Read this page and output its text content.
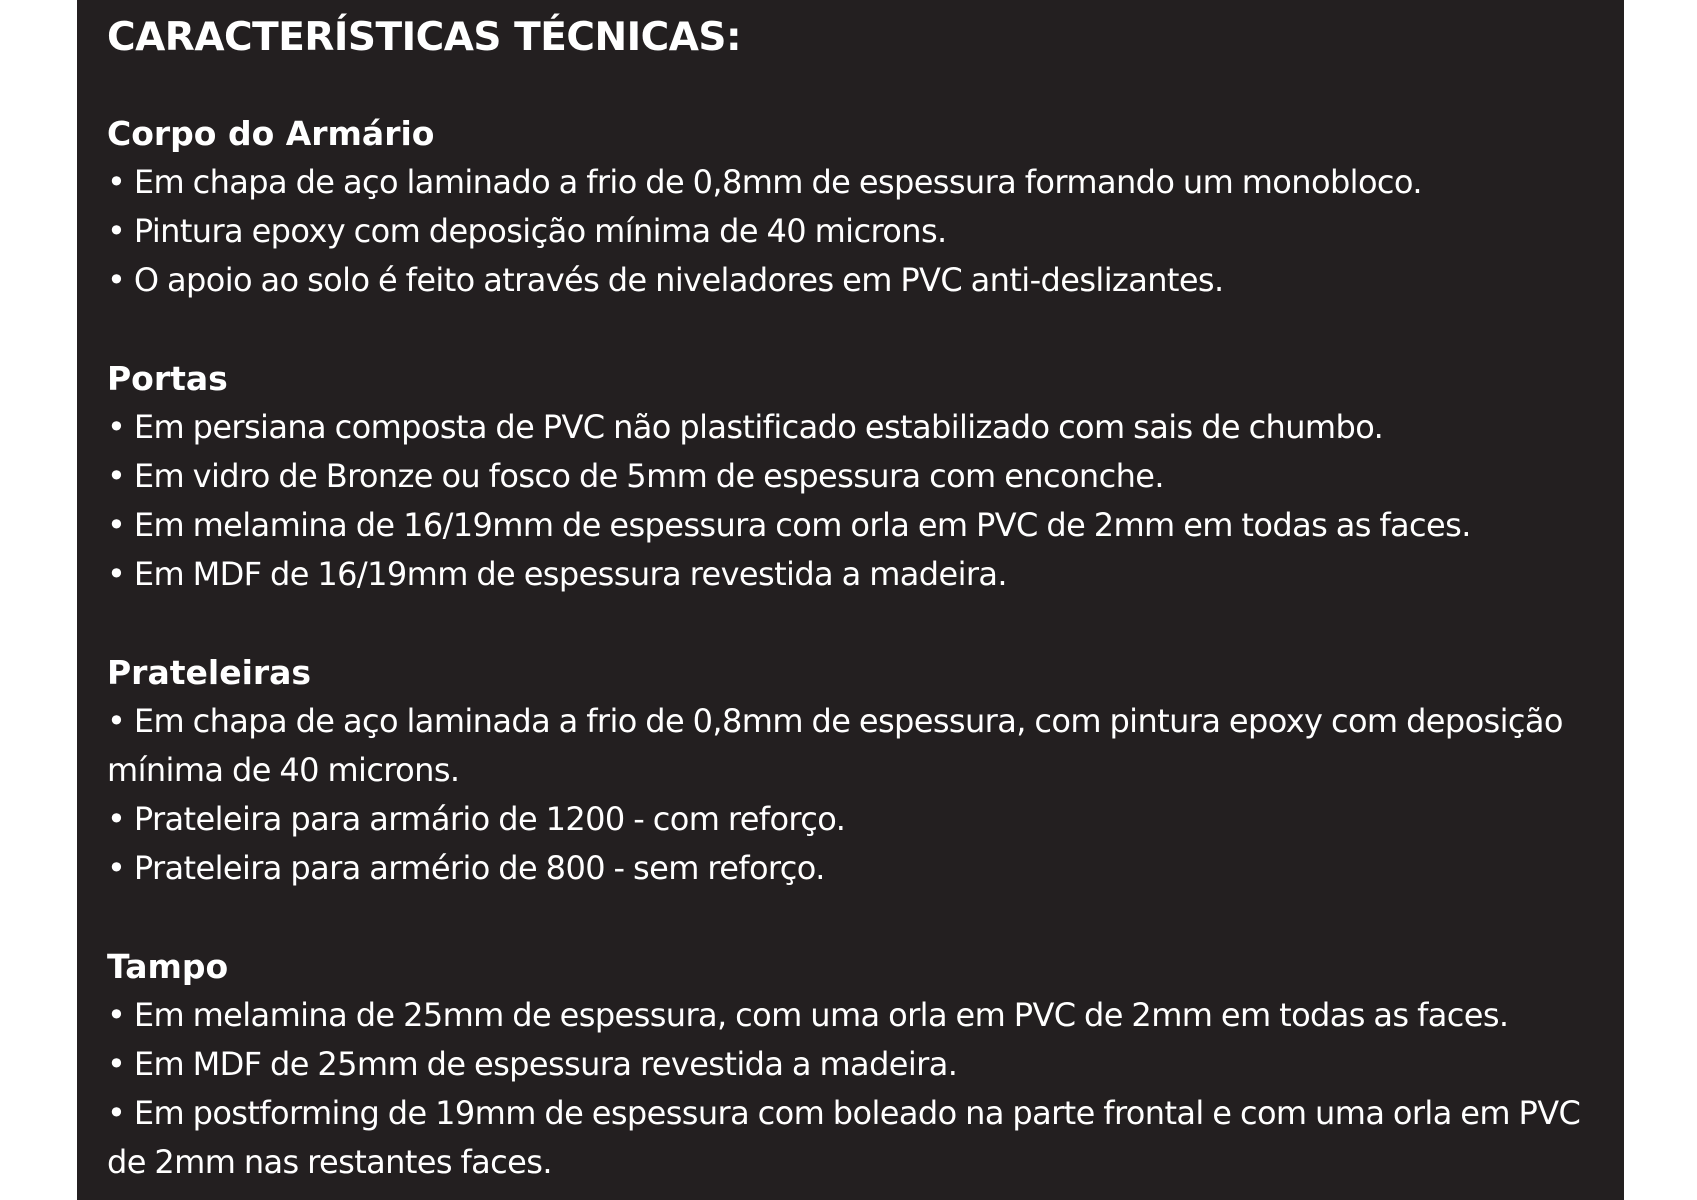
CARACTERÍSTICAS TÉCNICAS:
Corpo do Armário
• Em chapa de aço laminado a frio de 0,8mm de espessura formando um monobloco.
• Pintura epoxy com deposição mínima de 40 microns.
• O apoio ao solo é feito através de niveladores em PVC anti-deslizantes.
Portas
• Em persiana composta de PVC não plastificado estabilizado com sais de chumbo.
• Em vidro de Bronze ou fosco de 5mm de espessura com enconche.
• Em melamina de 16/19mm de espessura com orla em PVC de 2mm em todas as faces.
• Em MDF de 16/19mm de espessura revestida a madeira.
Prateleiras
• Em chapa de aço laminada a frio de 0,8mm de espessura, com pintura epoxy com deposição mínima de 40 microns.
• Prateleira para armário de 1200 - com reforço.
• Prateleira para armério de 800 - sem reforço.
Tampo
• Em melamina de 25mm de espessura, com uma orla em PVC de 2mm em todas as faces.
• Em MDF de 25mm de espessura revestida a madeira.
• Em postforming de 19mm de espessura com boleado na parte frontal e com uma orla em PVC de 2mm nas restantes faces.
